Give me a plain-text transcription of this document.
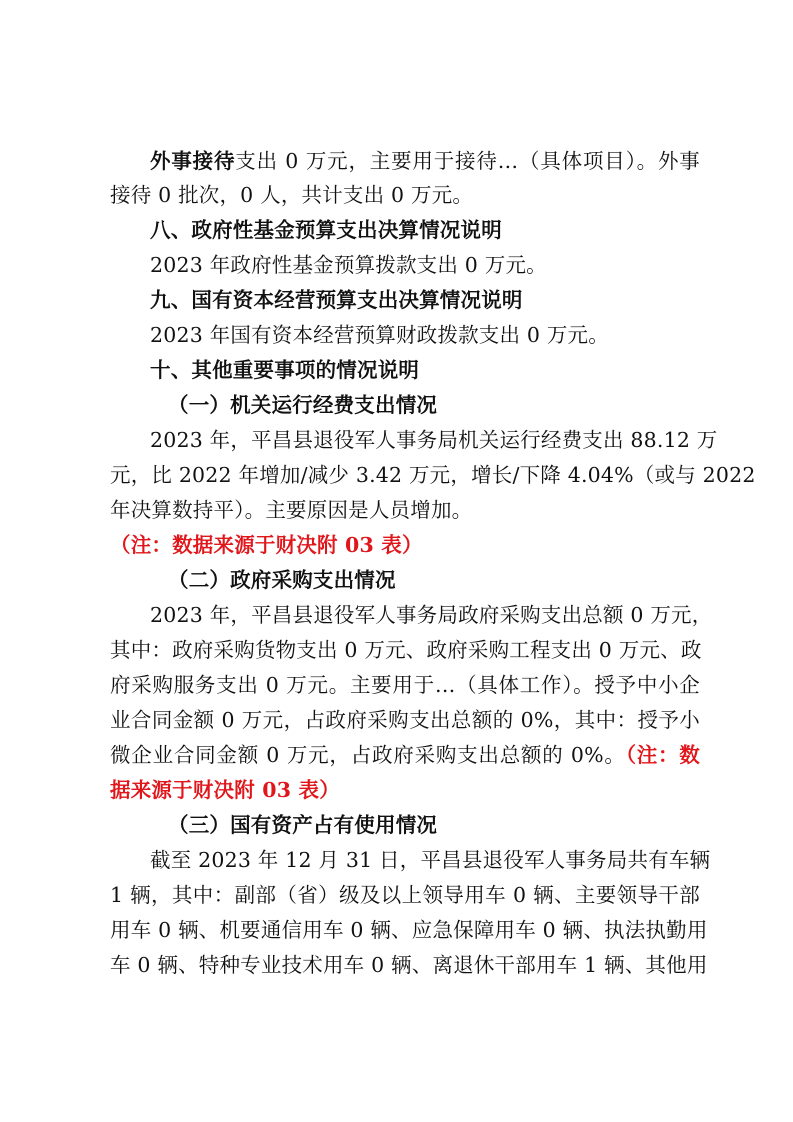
外事接待支出 0 万元，主要用于接待…（具体项目）。外事
接待 0 批次，0 人，共计支出 0 万元。
八、政府性基金预算支出决算情况说明
2023 年政府性基金预算拨款支出 0 万元。
九、国有资本经营预算支出决算情况说明
2023 年国有资本经营预算财政拨款支出 0 万元。
十、其他重要事项的情况说明
（一）机关运行经费支出情况
2023 年，平昌县退役军人事务局机关运行经费支出 88.12 万
元，比 2022 年增加/减少 3.42 万元，增长/下降 4.04%（或与 2022
年决算数持平）。主要原因是人员增加。
（注：数据来源于财决附 03 表）
（二）政府采购支出情况
2023 年，平昌县退役军人事务局政府采购支出总额 0 万元，
其中：政府采购货物支出 0 万元、政府采购工程支出 0 万元、政
府采购服务支出 0 万元。主要用于…（具体工作）。授予中小企
业合同金额 0 万元，占政府采购支出总额的 0%，其中：授予小
微企业合同金额 0 万元，占政府采购支出总额的 0%。（注：数
据来源于财决附 03 表）
（三）国有资产占有使用情况
截至 2023 年 12 月 31 日，平昌县退役军人事务局共有车辆
1 辆，其中：副部（省）级及以上领导用车 0 辆、主要领导干部
用车 0 辆、机要通信用车 0 辆、应急保障用车 0 辆、执法执勤用
车 0 辆、特种专业技术用车 0 辆、离退休干部用车 1 辆、其他用
